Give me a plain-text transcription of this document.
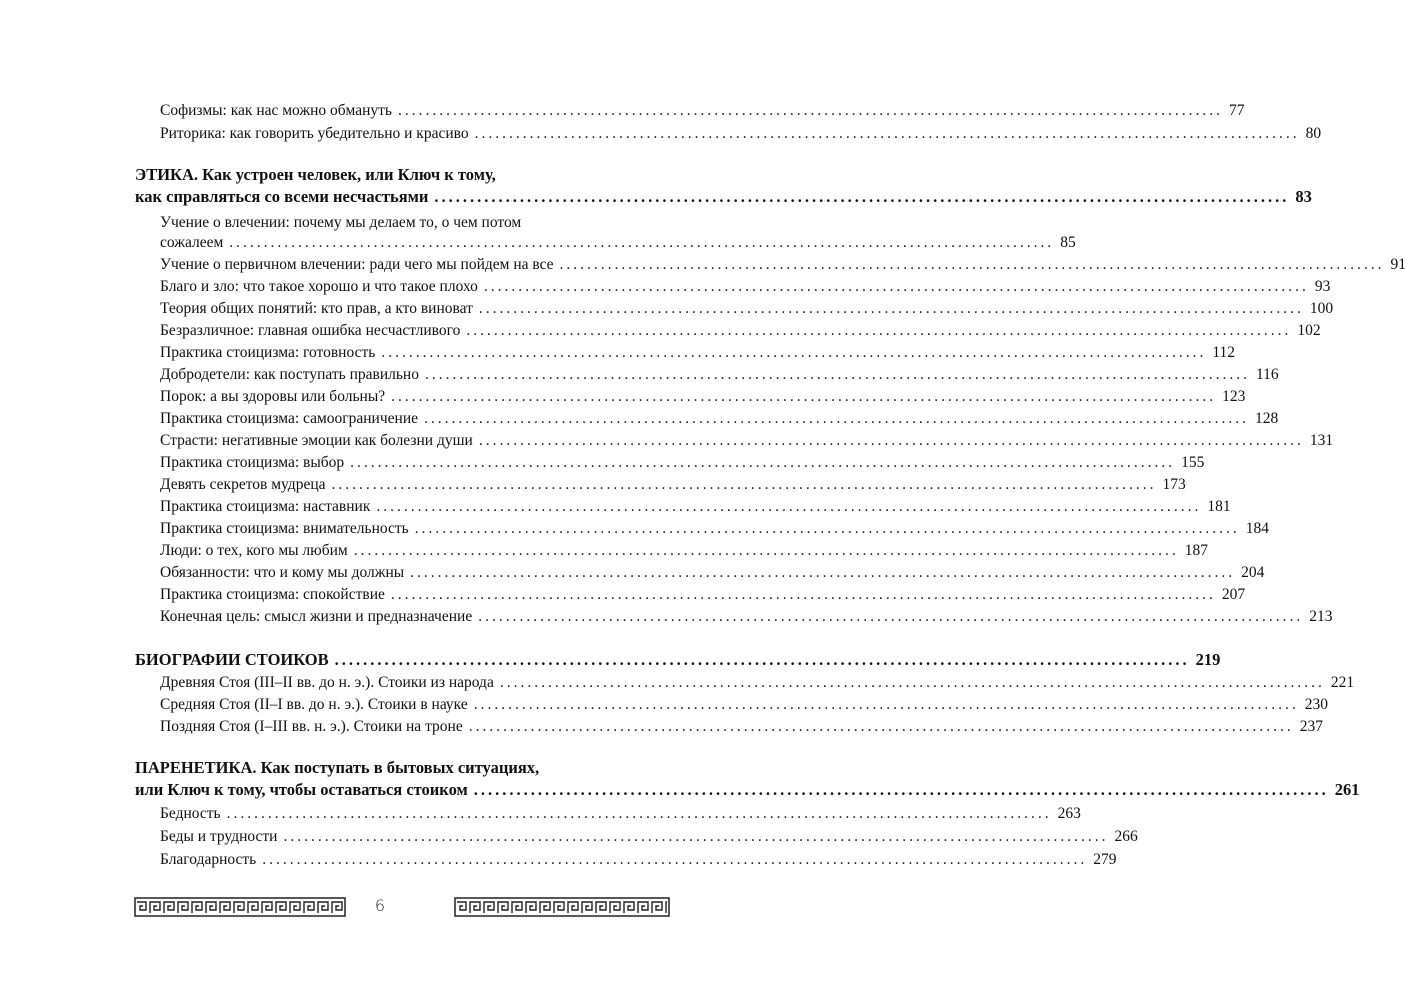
Софизмы: как нас можно обмануть ........................................................................................................................ 77
Риторика: как говорить убедительно и красиво ........................................................................................................................ 80
ЭТИКА. Как устроен человек, или Ключ к тому,
как справляться со всеми несчастьями ........................................................................................................................ 83
Учение о влечении: почему мы делаем то, о чем потом
сожалеем ........................................................................................................................ 85
Учение о первичном влечении: ради чего мы пойдем на все ........................................................................................................................ 91
Благо и зло: что такое хорошо и что такое плохо ........................................................................................................................ 93
Теория общих понятий: кто прав, а кто виноват ........................................................................................................................ 100
Безразличное: главная ошибка несчастливого ........................................................................................................................ 102
Практика стоицизма: готовность ........................................................................................................................ 112
Добродетели: как поступать правильно ........................................................................................................................ 116
Порок: а вы здоровы или больны? ........................................................................................................................ 123
Практика стоицизма: самоограничение ........................................................................................................................ 128
Страсти: негативные эмоции как болезни души ........................................................................................................................ 131
Практика стоицизма: выбор ........................................................................................................................ 155
Девять секретов мудреца ........................................................................................................................ 173
Практика стоицизма: наставник ........................................................................................................................ 181
Практика стоицизма: внимательность ........................................................................................................................ 184
Люди: о тех, кого мы любим ........................................................................................................................ 187
Обязанности: что и кому мы должны ........................................................................................................................ 204
Практика стоицизма: спокойствие ........................................................................................................................ 207
Конечная цель: смысл жизни и предназначение ........................................................................................................................ 213
БИОГРАФИИ СТОИКОВ ........................................................................................................................ 219
Древняя Стоя (III–II вв. до н. э.). Стоики из народа ........................................................................................................................ 221
Средняя Стоя (II–I вв. до н. э.). Стоики в науке ........................................................................................................................ 230
Поздняя Стоя (I–III вв. н. э.). Стоики на троне ........................................................................................................................ 237
ПАРЕНЕТИКА. Как поступать в бытовых ситуациях,
или Ключ к тому, чтобы оставаться стоиком ........................................................................................................................ 261
Бедность ........................................................................................................................ 263
Беды и трудности ........................................................................................................................ 266
Благодарность ........................................................................................................................ 279
6
